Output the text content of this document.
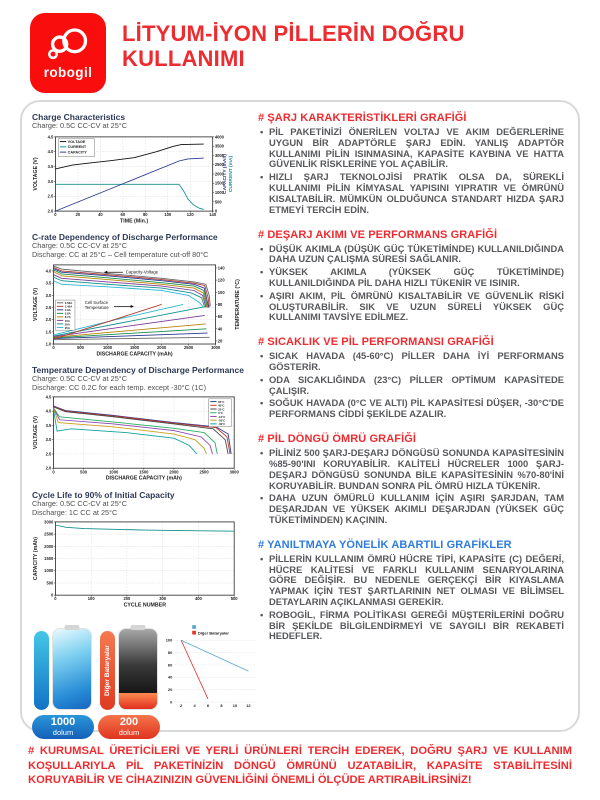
robogil
LİTYUM-İYON PİLLERİN DOĞRU
KULLANIMI
Charge Characteristics
Charge: 0.5C CC-CV at 25°C
0	20	40	60	80	100	120	140
2.0
2.5
3.0
3.5
4.0
4.5
0
500
1000
1500
2000
2500
3000
3500
4000
TIME (Min.)
VOLTAGE (V)	CAPACITY (mAh) CURRENT (mA)
VOLTAGE
CURRENT
CAPACITY
C-rate Dependency of Discharge Performance
Charge: 0.5C CC-CV at 25°C
Discharge: CC at 25°C – Cell temperature cut-off 80°C
0	500	1000	1500	2000	2500	3000
1.0
1.5
2.0
2.5
3.0
3.5
4.0
20
40
60
80
100
120
140
DISCHARGE CAPACITY (mAh)
VOLTAGE (V)	TEMPERATURE (°C)
0.58A
1.45A
2.9A
5.8A
8.7A
15A
20A
25A
Capacity-Voltage
Cell Surface
Temperature
Temperature Dependency of Discharge Performance
Charge: 0.5C CC-CV at 25°C
Discharge: CC 0.2C for each temp. except -30°C (1C)
0	500	1000	1500	2000	2500	3000
2.0
2.5
3.0
3.5
4.0
4.5
DISCHARGE CAPACITY (mAh)
VOLTAGE (V)
60°C
45°C
25°C
0°C
-10°C
-20°C
-30°C
Cycle Life to 90% of Initial Capacity
Charge: 0.5C CC-CV at 25°C
Discharge: 1C CC at 25°C
0	100	200	300	400	500
0
500
1000
1500
2000
2500
3000
CYCLE NUMBER
CAPACITY (mAh)
1000
dolum
Diğer Bataryalar
200
dolum
2	4	6	8 10 12
0
20
40
60
80
100
Diğer Bataryalar
# ŞARJ KARAKTERİSTİKLERİ GRAFİĞİ
• PİL PAKETİNİZİ ÖNERİLEN VOLTAJ VE AKIM DEĞERLERİNE UYGUN BİR ADAPTÖRLE ŞARJ EDİN. YANLIŞ ADAPTÖR KULLANIMI PİLİN ISINMASINA, KAPASİTE KAYBINA VE HATTA GÜVENLİK RİSKLERİNE YOL AÇABİLİR.
• HIZLI ŞARJ TEKNOLOJİSİ PRATİK OLSA DA, SÜREKLİ KULLANIMI PİLİN KİMYASAL YAPISINI YIPRATIR VE ÖMRÜNÜ KISALTABİLİR. MÜMKÜN OLDUĞUNCA STANDART HIZDA ŞARJ ETMEYİ TERCİH EDİN.
# DEŞARJ AKIMI VE PERFORMANS GRAFİĞİ
• DÜŞÜK AKIMLA (DÜŞÜK GÜÇ TÜKETİMİNDE) KULLANILDIĞINDA DAHA UZUN ÇALIŞMA SÜRESİ SAĞLANIR.
• YÜKSEK AKIMLA (YÜKSEK GÜÇ TÜKETİMİNDE) KULLANILDIĞINDA PİL DAHA HIZLI TÜKENİR VE ISINIR.
• AŞIRI AKIM, PİL ÖMRÜNÜ KISALTABİLİR VE GÜVENLİK RİSKİ OLUŞTURABİLİR. SIK VE UZUN SÜRELİ YÜKSEK GÜÇ KULLANIMI TAVSİYE EDİLMEZ.
# SICAKLIK VE PİL PERFORMANSI GRAFİĞİ
• SICAK HAVADA (45-60°C) PİLLER DAHA İYİ PERFORMANS GÖSTERİR.
• ODA SICAKLIĞINDA (23°C) PİLLER OPTİMUM KAPASİTEDE ÇALIŞIR.
• SOĞUK HAVADA (0°C VE ALTI) PİL KAPASİTESİ DÜŞER, -30°C'DE PERFORMANS CİDDİ ŞEKİLDE AZALIR.
# PİL DÖNGÜ ÖMRÜ GRAFİĞİ
• PİLİNİZ 500 ŞARJ-DEŞARJ DÖNGÜSÜ SONUNDA KAPASİTESİNİN %85-90'INI KORUYABİLİR. KALİTELİ HÜCRELER 1000 ŞARJ-DEŞARJ DÖNGÜSÜ SONUNDA BİLE KAPASİTESİNİN %70-80'İNİ KORUYABİLİR. BUNDAN SONRA PİL ÖMRÜ HIZLA TÜKENİR.
• DAHA UZUN ÖMÜRLÜ KULLANIM İÇİN AŞIRI ŞARJDAN, TAM DEŞARJDAN VE YÜKSEK AKIMLI DEŞARJDAN (YÜKSEK GÜÇ TÜKETİMİNDEN) KAÇININ.
# YANILTMAYA YÖNELİK ABARTILI GRAFİKLER
• PİLLERİN KULLANIM ÖMRÜ HÜCRE TİPİ, KAPASİTE (C) DEĞERİ, HÜCRE KALİTESİ VE FARKLI KULLANIM SENARYOLARINA GÖRE DEĞİŞİR. BU NEDENLE GERÇEKÇİ BİR KIYASLAMA YAPMAK İÇİN TEST ŞARTLARININ NET OLMASI VE BİLİMSEL DETAYLARIN AÇIKLANMASI GEREKİR.
• ROBOGİL, FİRMA POLİTİKASI GEREĞİ MÜŞTERİLERİNİ DOĞRU BİR ŞEKİLDE BİLGİLENDİRMEYİ VE SAYGILI BİR REKABETİ HEDEFLER.
# KURUMSAL ÜRETİCİLERİ VE YERLİ ÜRÜNLERİ TERCİH EDEREK, DOĞRU ŞARJ VE KULLANIM KOŞULLARIYLA PİL PAKETİNİZİN DÖNGÜ ÖMRÜNÜ UZATABİLİR, KAPASİTE STABİLİTESİNİ KORUYABİLİR VE CİHAZINIZIN GÜVENLİĞİNİ ÖNEMLİ ÖLÇÜDE ARTIRABİLİRSİNİZ!
